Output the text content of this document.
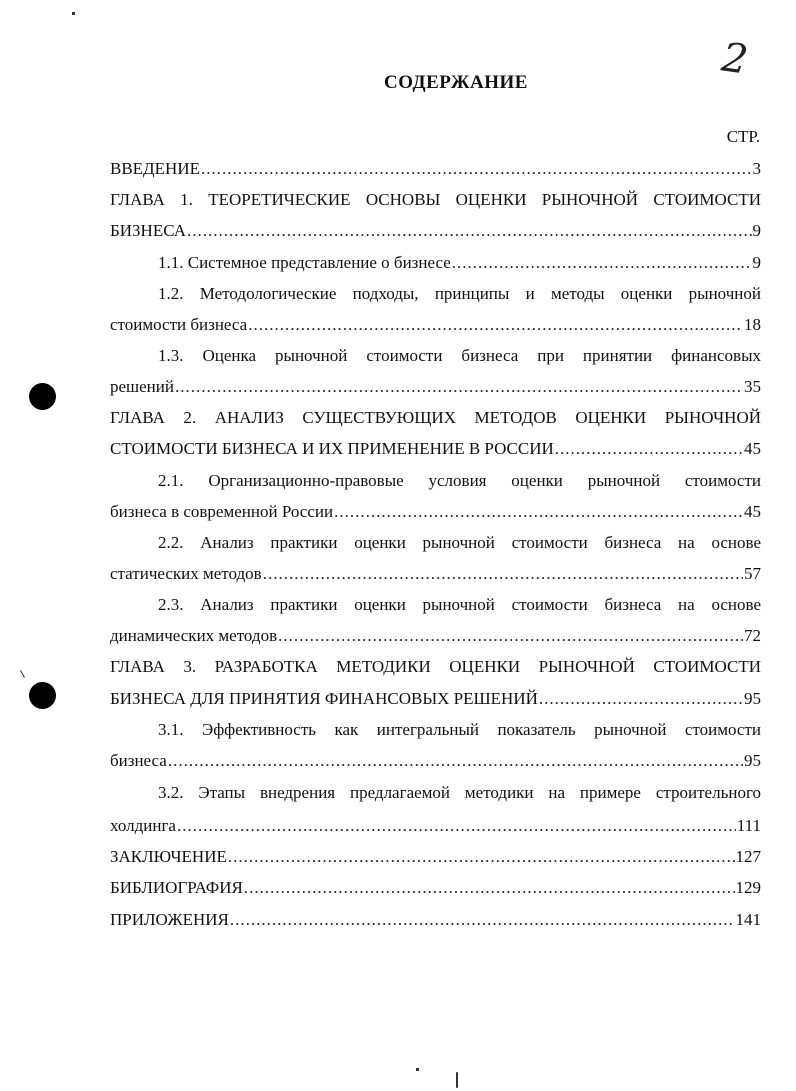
2
СОДЕРЖАНИЕ
СТР.
ВВЕДЕНИЕ .....	3
ГЛАВА 1. ТЕОРЕТИЧЕСКИЕ ОСНОВЫ ОЦЕНКИ РЫНОЧНОЙ СТОИМОСТИ
БИЗНЕСА .....	9
1.1. Системное представление о бизнесе .....	9
1.2. Методологические подходы, принципы и методы оценки рыночной
стоимости бизнеса .....	18
1.3. Оценка рыночной стоимости бизнеса при принятии финансовых
решений .....	35
ГЛАВА 2. АНАЛИЗ СУЩЕСТВУЮЩИХ МЕТОДОВ ОЦЕНКИ РЫНОЧНОЙ
СТОИМОСТИ БИЗНЕСА И ИХ ПРИМЕНЕНИЕ В РОССИИ .....	45
2.1. Организационно-правовые условия оценки рыночной стоимости
бизнеса в современной России .....	45
2.2. Анализ практики оценки рыночной стоимости бизнеса на основе
статических методов .....	57
2.3. Анализ практики оценки рыночной стоимости бизнеса на основе
динамических методов .....	72
ГЛАВА 3. РАЗРАБОТКА МЕТОДИКИ ОЦЕНКИ РЫНОЧНОЙ СТОИМОСТИ
БИЗНЕСА ДЛЯ ПРИНЯТИЯ ФИНАНСОВЫХ РЕШЕНИЙ .....	95
3.1. Эффективность как интегральный показатель рыночной стоимости
бизнеса .....	95
3.2. Этапы внедрения предлагаемой методики на примере строительного
холдинга .....	111
ЗАКЛЮЧЕНИЕ .....	127
БИБЛИОГРАФИЯ .....	129
ПРИЛОЖЕНИЯ .....	141
